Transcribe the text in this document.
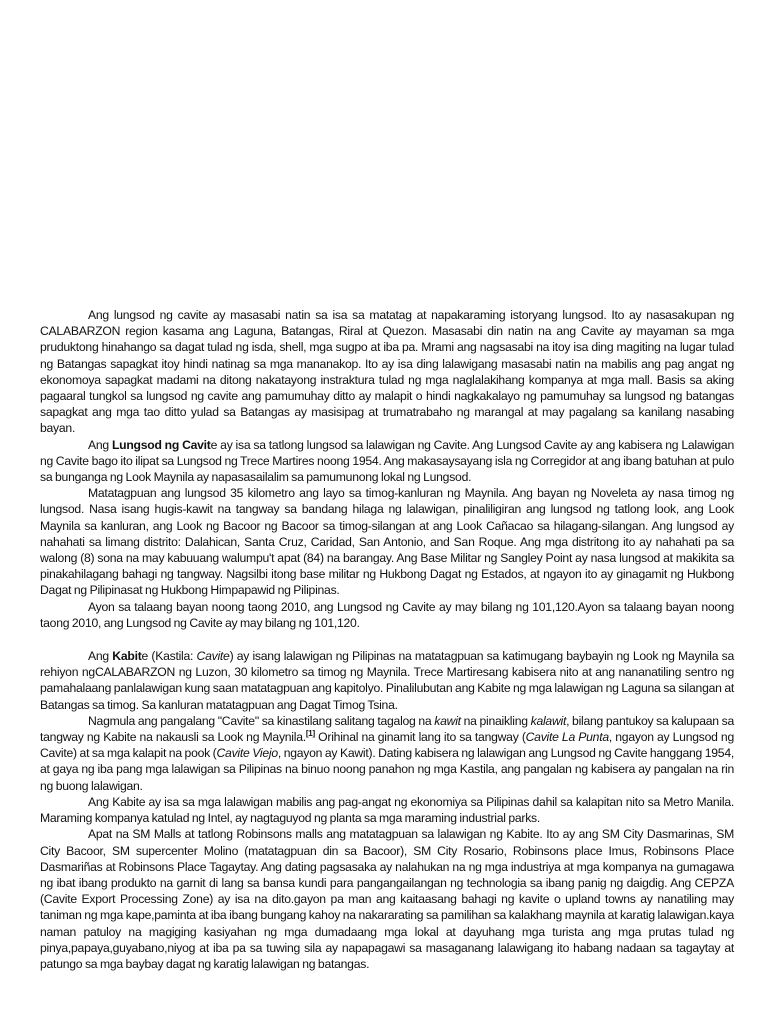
Ang lungsod ng cavite ay masasabi natin sa isa sa matatag at napakaraming istoryang lungsod. Ito ay nasasakupan ng CALABARZON region kasama ang Laguna, Batangas, Riral at Quezon. Masasabi din natin na ang Cavite ay mayaman sa mga pruduktong hinahango sa dagat tulad ng isda, shell, mga sugpo at iba pa. Mrami ang nagsasabi na itoy isa ding magiting na lugar tulad ng Batangas sapagkat itoy hindi natinag sa mga mananakop. Ito ay isa ding lalawigang masasabi natin na mabilis ang pag angat ng ekonomoya sapagkat madami na ditong nakatayong instraktura tulad ng mga naglalakihang kompanya at mga mall. Basis sa aking pagaaral tungkol sa lungsod ng cavite ang pamumuhay ditto ay malapit o hindi nagkakalayo ng pamumuhay sa lungsod ng batangas sapagkat ang mga tao ditto yulad sa Batangas ay masisipag at trumatrabaho ng marangal at may pagalang sa kanilang nasabing bayan.

Ang Lungsod ng Cavite ay isa sa tatlong lungsod sa lalawigan ng Cavite. Ang Lungsod Cavite ay ang kabisera ng Lalawigan ng Cavite bago ito ilipat sa Lungsod ng Trece Martires noong 1954. Ang makasaysayang isla ng Corregidor at ang ibang batuhan at pulo sa bunganga ng Look Maynila ay napasasailalim sa pamumunong lokal ng Lungsod.

Matatagpuan ang lungsod 35 kilometro ang layo sa timog-kanluran ng Maynila. Ang bayan ng Noveleta ay nasa timog ng lungsod. Nasa isang hugis-kawit na tangway sa bandang hilaga ng lalawigan, pinaliligiran ang lungsod ng tatlong look, ang Look Maynila sa kanluran, ang Look ng Bacoor ng Bacoor sa timog-silangan at ang Look Cañacao sa hilagang-silangan. Ang lungsod ay nahahati sa limang distrito: Dalahican, Santa Cruz, Caridad, San Antonio, and San Roque. Ang mga distritong ito ay nahahati pa sa walong (8) sona na may kabuuang walumpu't apat (84) na barangay. Ang Base Militar ng Sangley Point ay nasa lungsod at makikita sa pinakahilagang bahagi ng tangway. Nagsilbi itong base militar ng Hukbong Dagat ng Estados, at ngayon ito ay ginagamit ng Hukbong Dagat ng Pilipinasat ng Hukbong Himpapawid ng Pilipinas.

Ayon sa talaang bayan noong taong 2010, ang Lungsod ng Cavite ay may bilang ng 101,120.Ayon sa talaang bayan noong taong 2010, ang Lungsod ng Cavite ay may bilang ng 101,120.

Ang Kabite (Kastila: Cavite) ay isang lalawigan ng Pilipinas na matatagpuan sa katimugang baybayin ng Look ng Maynila sa rehiyon ngCALABARZON ng Luzon, 30 kilometro sa timog ng Maynila. Trece Martiresang kabisera nito at ang nananatiling sentro ng pamahalaang panlalawigan kung saan matatagpuan ang kapitolyo. Pinalilubutan ang Kabite ng mga lalawigan ng Laguna sa silangan at Batangas sa timog. Sa kanluran matatagpuan ang Dagat Timog Tsina.

Nagmula ang pangalang "Cavite" sa kinastilang salitang tagalog na kawit na pinaikling kalawit, bilang pantukoy sa kalupaan sa tangway ng Kabite na nakausli sa Look ng Maynila.[1] Orihinal na ginamit lang ito sa tangway (Cavite La Punta, ngayon ay Lungsod ng Cavite) at sa mga kalapit na pook (Cavite Viejo, ngayon ay Kawit). Dating kabisera ng lalawigan ang Lungsod ng Cavite hanggang 1954, at gaya ng iba pang mga lalawigan sa Pilipinas na binuo noong panahon ng mga Kastila, ang pangalan ng kabisera ay pangalan na rin ng buong lalawigan.

Ang Kabite ay isa sa mga lalawigan mabilis ang pag-angat ng ekonomiya sa Pilipinas dahil sa kalapitan nito sa Metro Manila. Maraming kompanya katulad ng Intel, ay nagtaguyod ng planta sa mga maraming industrial parks.

Apat na SM Malls at tatlong Robinsons malls ang matatagpuan sa lalawigan ng Kabite. Ito ay ang SM City Dasmarinas, SM City Bacoor, SM supercenter Molino (matatagpuan din sa Bacoor), SM City Rosario, Robinsons place Imus, Robinsons Place Dasmariñas at Robinsons Place Tagaytay. Ang dating pagsasaka ay nalahukan na ng mga industriya at mga kompanya na gumagawa ng ibat ibang produkto na garnit di lang sa bansa kundi para pangangailangan ng technologia sa ibang panig ng daigdig. Ang CEPZA (Cavite Export Processing Zone) ay isa na dito.gayon pa man ang kaitaasang bahagi ng kavite o upland towns ay nanatiling may taniman ng mga kape,paminta at iba ibang bungang kahoy na nakararating sa pamilihan sa kalakhang maynila at karatig lalawigan.kaya naman patuloy na magiging kasiyahan ng mga dumadaang mga lokal at dayuhang mga turista ang mga prutas tulad ng pinya,papaya,guyabano,niyog at iba pa sa tuwing sila ay napapagawi sa masaganang lalawigang ito habang nadaan sa tagaytay at patungo sa mga baybay dagat ng karatig lalawigan ng batangas.
